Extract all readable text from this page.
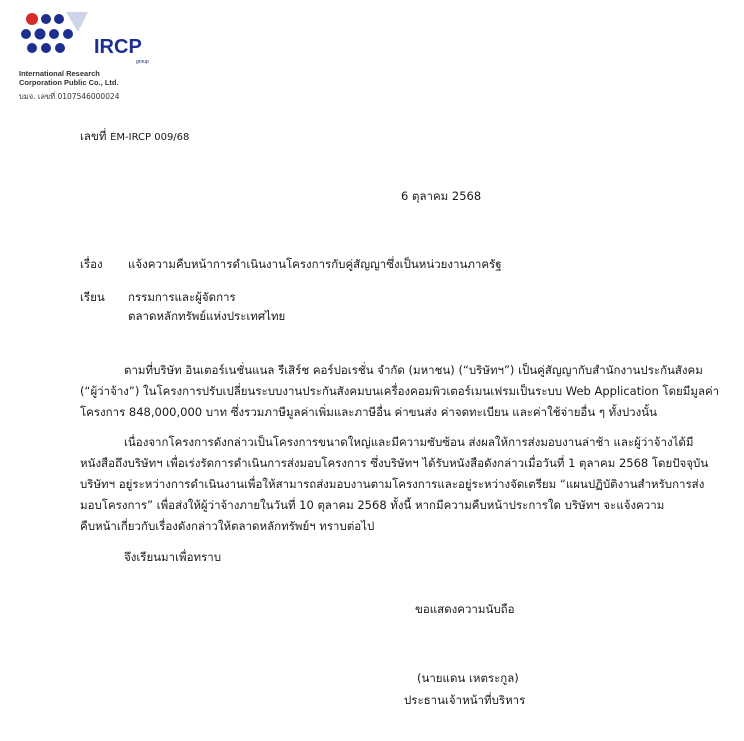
IRCP
group
International Research
Corporation Public Co., Ltd.
บมจ. เลขที่ 0107546000024
เลขที่ EM-IRCP 009/68
6 ตุลาคม 2568
เรื่อง แจ้งความคืบหน้าการดำเนินงานโครงการกับคู่สัญญาซึ่งเป็นหน่วยงานภาครัฐ
เรียน กรรมการและผู้จัดการ
ตลาดหลักทรัพย์แห่งประเทศไทย
ตามที่บริษัท อินเตอร์เนชั่นแนล รีเสิร์ช คอร์ปอเรชั่น จำกัด (มหาชน) (“บริษัทฯ”) เป็นคู่สัญญากับสำนักงานประกันสังคม
(“ผู้ว่าจ้าง”) ในโครงการปรับเปลี่ยนระบบงานประกันสังคมบนเครื่องคอมพิวเตอร์เมนเฟรมเป็นระบบ Web Application โดยมีมูลค่า
โครงการ 848,000,000 บาท ซึ่งรวมภาษีมูลค่าเพิ่มและภาษีอื่น ค่าขนส่ง ค่าจดทะเบียน และค่าใช้จ่ายอื่น ๆ ทั้งปวงนั้น
เนื่องจากโครงการดังกล่าวเป็นโครงการขนาดใหญ่และมีความซับซ้อน ส่งผลให้การส่งมอบงานล่าช้า และผู้ว่าจ้างได้มี
หนังสือถึงบริษัทฯ เพื่อเร่งรัดการดำเนินการส่งมอบโครงการ ซึ่งบริษัทฯ ได้รับหนังสือดังกล่าวเมื่อวันที่ 1 ตุลาคม 2568 โดยปัจจุบัน
บริษัทฯ อยู่ระหว่างการดำเนินงานเพื่อให้สามารถส่งมอบงานตามโครงการและอยู่ระหว่างจัดเตรียม “แผนปฏิบัติงานสำหรับการส่ง
มอบโครงการ” เพื่อส่งให้ผู้ว่าจ้างภายในวันที่ 10 ตุลาคม 2568 ทั้งนี้ หากมีความคืบหน้าประการใด บริษัทฯ จะแจ้งความ
คืบหน้าเกี่ยวกับเรื่องดังกล่าวให้ตลาดหลักทรัพย์ฯ ทราบต่อไป
จึงเรียนมาเพื่อทราบ
ขอแสดงความนับถือ
(นายแดน เหตระกูล)
ประธานเจ้าหน้าที่บริหาร
